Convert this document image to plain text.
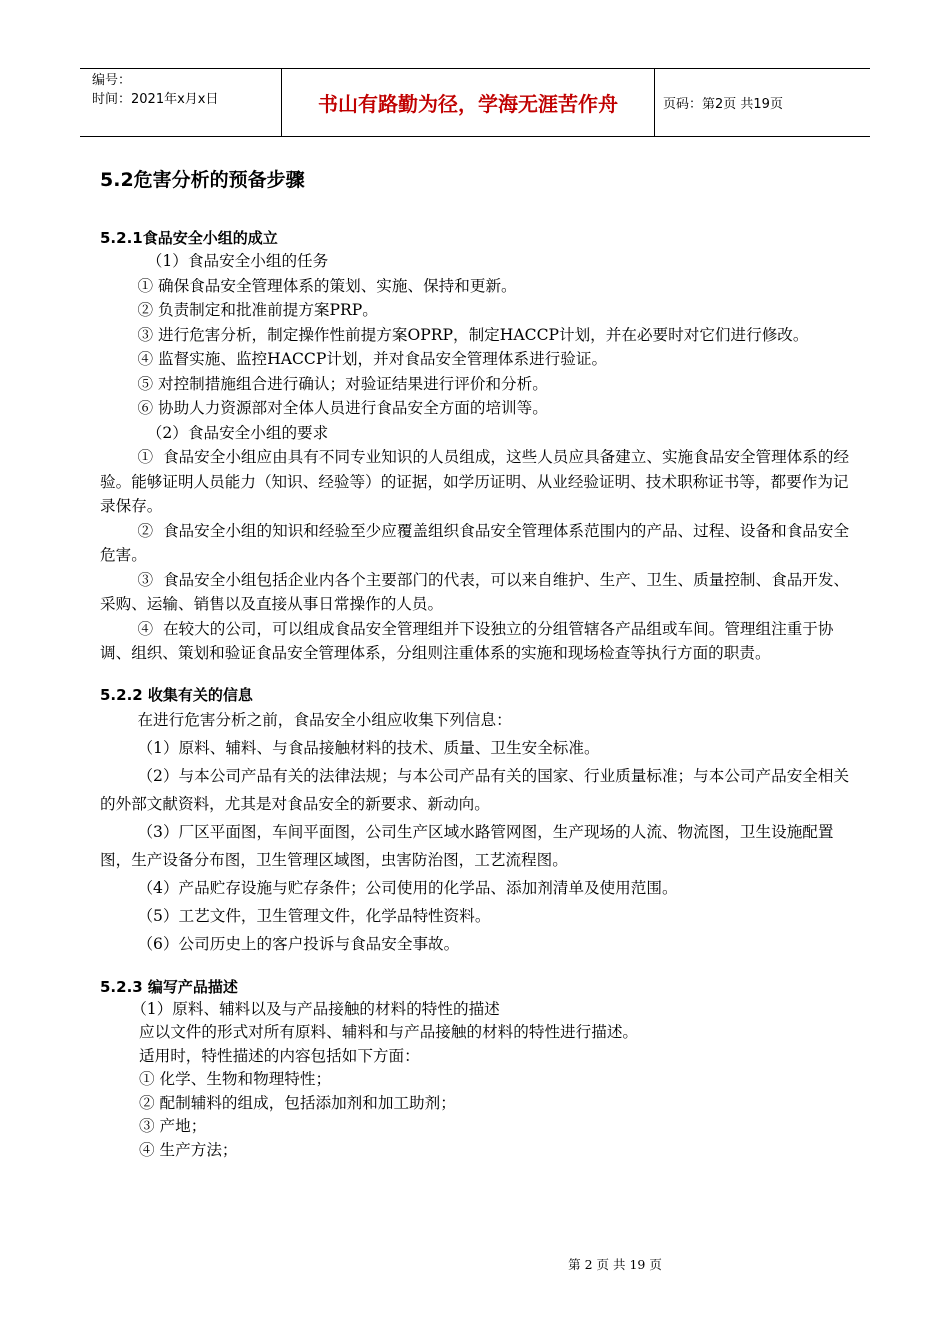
编号：
时间：2021年x月x日	书山有路勤为径，学海无涯苦作舟	页码：第2页 共19页
5.2危害分析的预备步骤
5.2.1食品安全小组的成立

（1）食品安全小组的任务

① 确保食品安全管理体系的策划、实施、保持和更新。

② 负责制定和批准前提方案PRP。

③ 进行危害分析，制定操作性前提方案OPRP，制定HACCP计划，并在必要时对它们进行修改。

④ 监督实施、监控HACCP计划，并对食品安全管理体系进行验证。

⑤ 对控制措施组合进行确认；对验证结果进行评价和分析。

⑥ 协助人力资源部对全体人员进行食品安全方面的培训等。

（2）食品安全小组的要求

①  食品安全小组应由具有不同专业知识的人员组成，这些人员应具备建立、实施食品安全管理体系的经验。能够证明人员能力（知识、经验等）的证据，如学历证明、从业经验证明、技术职称证书等，都要作为记录保存。

②  食品安全小组的知识和经验至少应覆盖组织食品安全管理体系范围内的产品、过程、设备和食品安全危害。

③  食品安全小组包括企业内各个主要部门的代表，可以来自维护、生产、卫生、质量控制、食品开发、采购、运输、销售以及直接从事日常操作的人员。

④  在较大的公司，可以组成食品安全管理组并下设独立的分组管辖各产品组或车间。管理组注重于协调、组织、策划和验证食品安全管理体系，分组则注重体系的实施和现场检查等执行方面的职责。

5.2.2 收集有关的信息

在进行危害分析之前，食品安全小组应收集下列信息：

（1）原料、辅料、与食品接触材料的技术、质量、卫生安全标准。

（2）与本公司产品有关的法律法规；与本公司产品有关的国家、行业质量标准；与本公司产品安全相关的外部文献资料，尤其是对食品安全的新要求、新动向。

（3）厂区平面图，车间平面图，公司生产区域水路管网图，生产现场的人流、物流图，卫生设施配置图，生产设备分布图，卫生管理区域图，虫害防治图，工艺流程图。

（4）产品贮存设施与贮存条件；公司使用的化学品、添加剂清单及使用范围。

（5）工艺文件，卫生管理文件，化学品特性资料。

（6）公司历史上的客户投诉与食品安全事故。

5.2.3 编写产品描述

（1）原料、辅料以及与产品接触的材料的特性的描述

应以文件的形式对所有原料、辅料和与产品接触的材料的特性进行描述。

适用时，特性描述的内容包括如下方面：

① 化学、生物和物理特性；

② 配制辅料的组成，包括添加剂和加工助剂；

③ 产地；

④ 生产方法；

第 2 页 共 19 页
